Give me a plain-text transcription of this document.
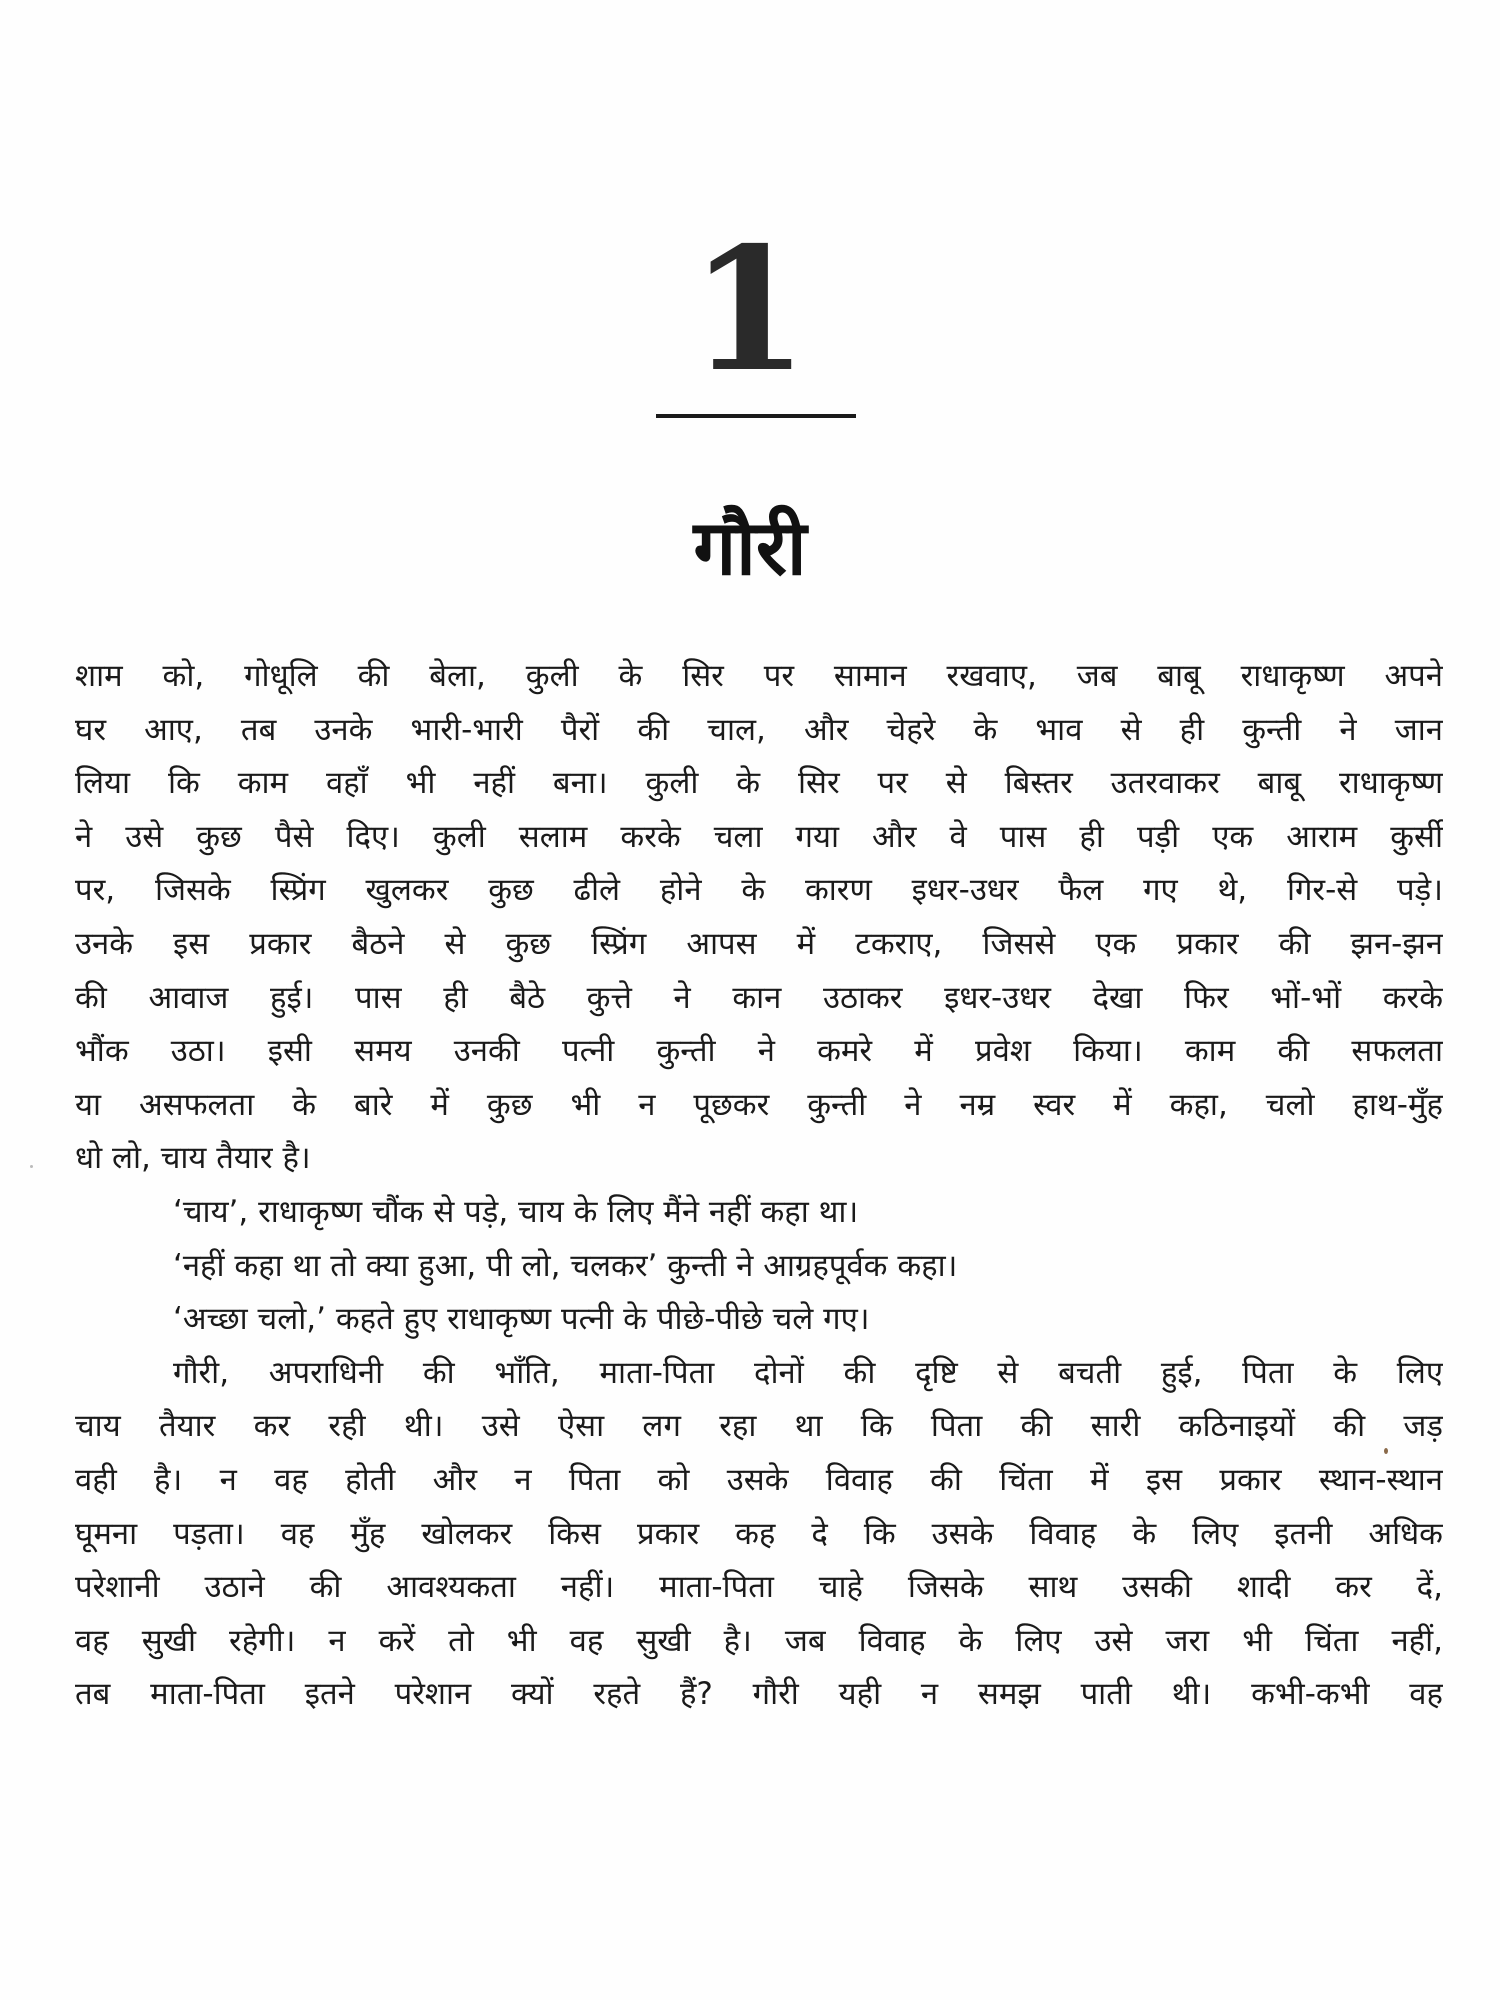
1
गौरी
शाम को, गोधूलि की बेला, कुली के सिर पर सामान रखवाए, जब बाबू राधाकृष्ण अपने
घर आए, तब उनके भारी-भारी पैरों की चाल, और चेहरे के भाव से ही कुन्ती ने जान
लिया कि काम वहाँ भी नहीं बना। कुली के सिर पर से बिस्तर उतरवाकर बाबू राधाकृष्ण
ने उसे कुछ पैसे दिए। कुली सलाम करके चला गया और वे पास ही पड़ी एक आराम कुर्सी
पर, जिसके स्प्रिंग खुलकर कुछ ढीले होने के कारण इधर-उधर फैल गए थे, गिर-से पड़े।
उनके इस प्रकार बैठने से कुछ स्प्रिंग आपस में टकराए, जिससे एक प्रकार की झन-झन
की आवाज हुई। पास ही बैठे कुत्ते ने कान उठाकर इधर-उधर देखा फिर भों-भों करके
भौंक उठा। इसी समय उनकी पत्नी कुन्ती ने कमरे में प्रवेश किया। काम की सफलता
या असफलता के बारे में कुछ भी न पूछकर कुन्ती ने नम्र स्वर में कहा, चलो हाथ-मुँह
धो लो, चाय तैयार है।
‘चाय’, राधाकृष्ण चौंक से पड़े, चाय के लिए मैंने नहीं कहा था।
‘नहीं कहा था तो क्या हुआ, पी लो, चलकर’ कुन्ती ने आग्रहपूर्वक कहा।
‘अच्छा चलो,’ कहते हुए राधाकृष्ण पत्नी के पीछे-पीछे चले गए।
गौरी, अपराधिनी की भाँति, माता-पिता दोनों की दृष्टि से बचती हुई, पिता के लिए
चाय तैयार कर रही थी। उसे ऐसा लग रहा था कि पिता की सारी कठिनाइयों की जड़
वही है। न वह होती और न पिता को उसके विवाह की चिंता में इस प्रकार स्थान-स्थान
घूमना पड़ता। वह मुँह खोलकर किस प्रकार कह दे कि उसके विवाह के लिए इतनी अधिक
परेशानी उठाने की आवश्यकता नहीं। माता-पिता चाहे जिसके साथ उसकी शादी कर दें,
वह सुखी रहेगी। न करें तो भी वह सुखी है। जब विवाह के लिए उसे जरा भी चिंता नहीं,
तब माता-पिता इतने परेशान क्यों रहते हैं? गौरी यही न समझ पाती थी। कभी-कभी वह
